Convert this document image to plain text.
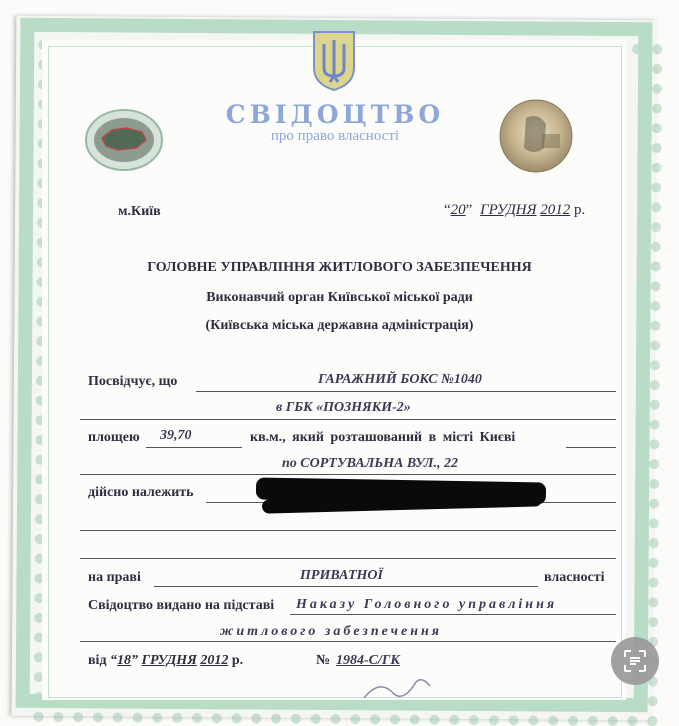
СВІДОЦТВО
про право власності
м.Київ	“20” ГРУДНЯ 2012 р.
ГОЛОВНЕ УПРАВЛІННЯ ЖИТЛОВОГО ЗАБЕЗПЕЧЕННЯ
Виконавчий орган Київської міської ради
(Київська міська державна адміністрація)
Посвідчує, що	ГАРАЖНИЙ БОКС №1040
в ГБК «ПОЗНЯКИ-2»
площею 39,70	кв.м., який розташований в місті Києві
по СОРТУВАЛЬНА ВУЛ., 22
дійсно належить
на праві	ПРИВАТНОЇ	власності
Свідоцтво видано на підставі Наказу Головного управління
житлового забезпечення
від “18” ГРУДНЯ 2012 р.	№ 1984-С/ГК
